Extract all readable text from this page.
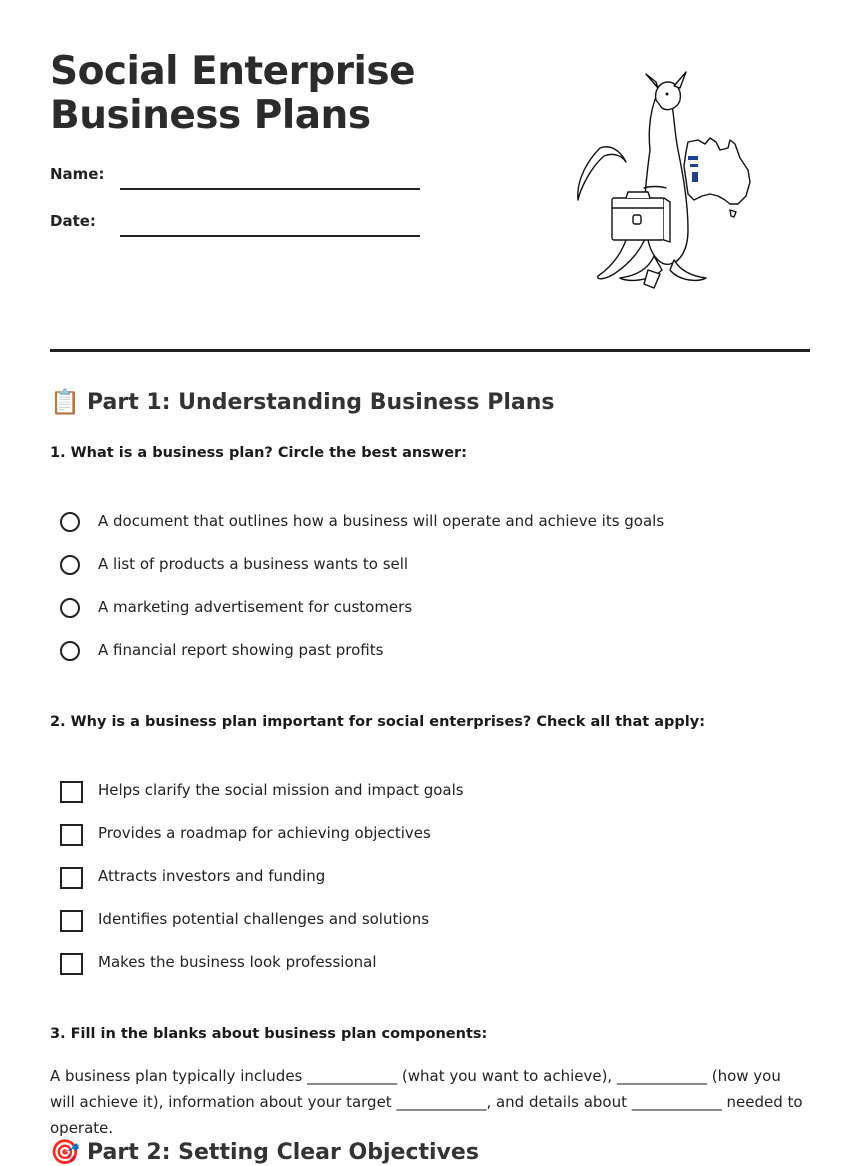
Social Enterprise
Business Plans
Name:
Date:
📋 Part 1: Understanding Business Plans

1. What is a business plan? Circle the best answer:

A document that outlines how a business will operate and achieve its goals
A list of products a business wants to sell
A marketing advertisement for customers
A financial report showing past profits

2. Why is a business plan important for social enterprises? Check all that apply:

Helps clarify the social mission and impact goals
Provides a roadmap for achieving objectives
Attracts investors and funding
Identifies potential challenges and solutions
Makes the business look professional

3. Fill in the blanks about business plan components:

A business plan typically includes ____________ (what you want to achieve), ____________ (how you will achieve it), information about your target ____________, and details about ____________ needed to operate.

🎯 Part 2: Setting Clear Objectives
